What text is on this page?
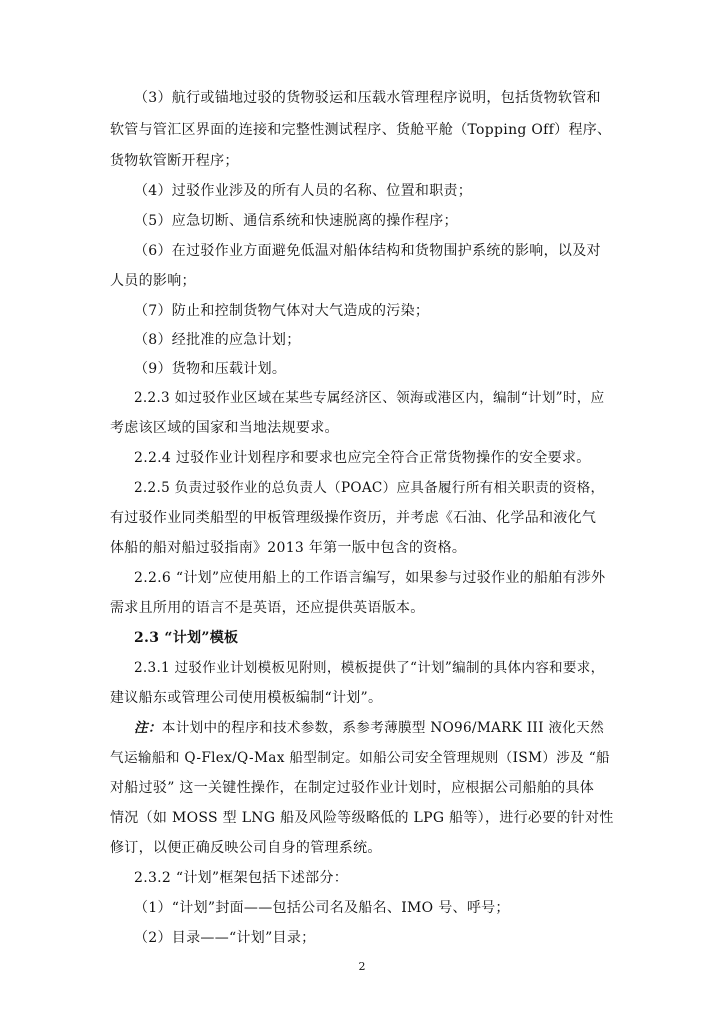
（3）航行或锚地过驳的货物驳运和压载水管理程序说明，包括货物软管和
软管与管汇区界面的连接和完整性测试程序、货舱平舱（Topping Off）程序、
货物软管断开程序；
（4）过驳作业涉及的所有人员的名称、位置和职责；
（5）应急切断、通信系统和快速脱离的操作程序；
（6）在过驳作业方面避免低温对船体结构和货物围护系统的影响，以及对
人员的影响；
（7）防止和控制货物气体对大气造成的污染；
（8）经批准的应急计划；
（9）货物和压载计划。
2.2.3 如过驳作业区域在某些专属经济区、领海或港区内，编制“计划”时，应
考虑该区域的国家和当地法规要求。
2.2.4 过驳作业计划程序和要求也应完全符合正常货物操作的安全要求。
2.2.5 负责过驳作业的总负责人（POAC）应具备履行所有相关职责的资格，
有过驳作业同类船型的甲板管理级操作资历，并考虑《石油、化学品和液化气
体船的船对船过驳指南》2013 年第一版中包含的资格。
2.2.6 “计划”应使用船上的工作语言编写，如果参与过驳作业的船舶有涉外
需求且所用的语言不是英语，还应提供英语版本。
2.3 “计划”模板
2.3.1 过驳作业计划模板见附则，模板提供了“计划”编制的具体内容和要求，
建议船东或管理公司使用模板编制“计划”。
注：本计划中的程序和技术参数，系参考薄膜型 NO96/MARK III 液化天然
气运输船和 Q-Flex/Q-Max 船型制定。如船公司安全管理规则（ISM）涉及 “船
对船过驳” 这一关键性操作，在制定过驳作业计划时，应根据公司船舶的具体
情况（如 MOSS 型 LNG 船及风险等级略低的 LPG 船等），进行必要的针对性
修订，以便正确反映公司自身的管理系统。
2.3.2 “计划”框架包括下述部分：
（1）“计划”封面——包括公司名及船名、IMO 号、呼号；
（2）目录——“计划”目录；
2
